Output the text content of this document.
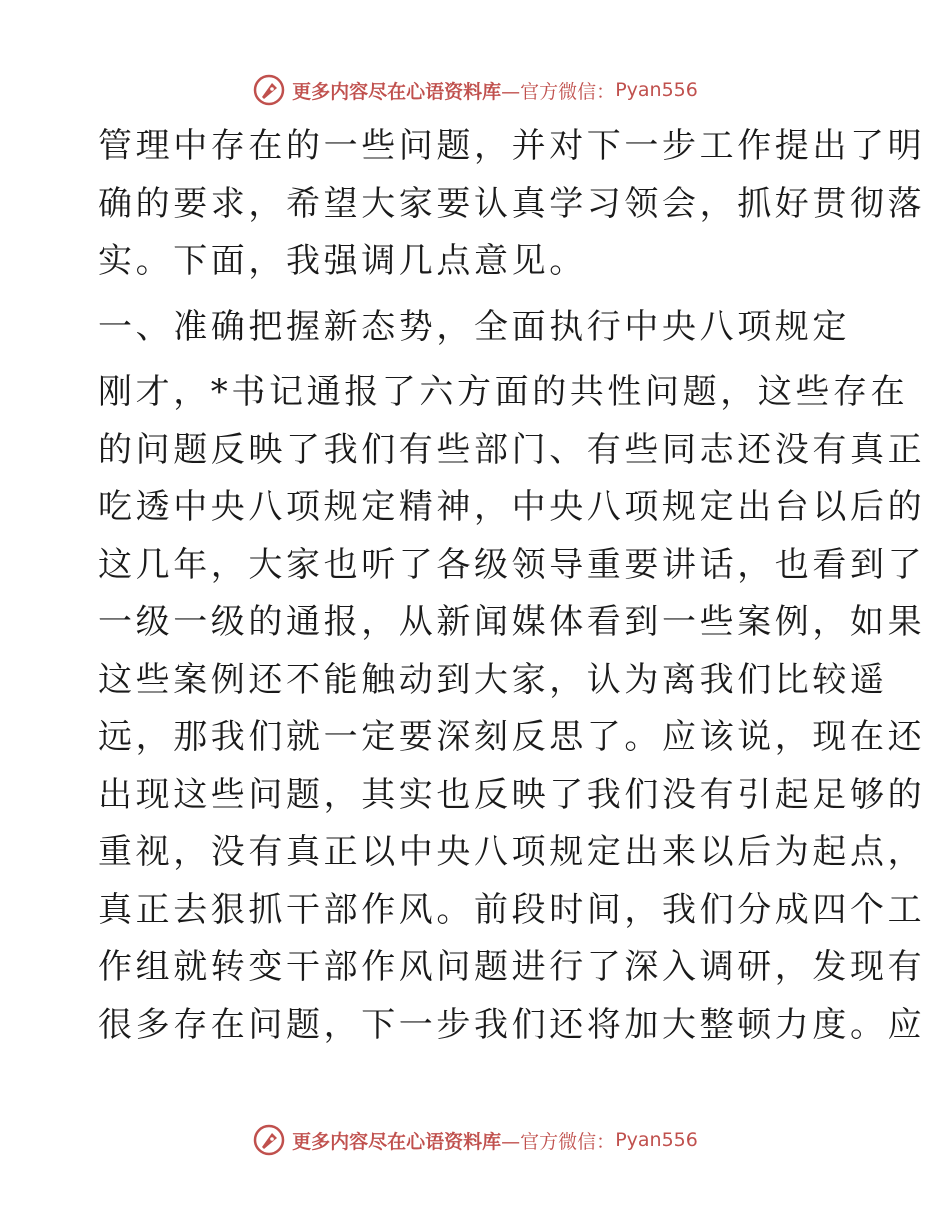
更多内容尽在心语资料库 —官方微信： Pyan556

管理中存在的一些问题，并对下一步工作提出了明
确的要求，希望大家要认真学习领会，抓好贯彻落
实。下面，我强调几点意见。

一、准确把握新态势，全面执行中央八项规定

刚才，*书记通报了六方面的共性问题，这些存在
的问题反映了我们有些部门、有些同志还没有真正
吃透中央八项规定精神，中央八项规定出台以后的
这几年，大家也听了各级领导重要讲话，也看到了
一级一级的通报，从新闻媒体看到一些案例，如果
这些案例还不能触动到大家，认为离我们比较遥
远，那我们就一定要深刻反思了。应该说，现在还
出现这些问题，其实也反映了我们没有引起足够的
重视，没有真正以中央八项规定出来以后为起点，
真正去狠抓干部作风。前段时间，我们分成四个工
作组就转变干部作风问题进行了深入调研，发现有
很多存在问题，下一步我们还将加大整顿力度。应

更多内容尽在心语资料库 —官方微信： Pyan556
